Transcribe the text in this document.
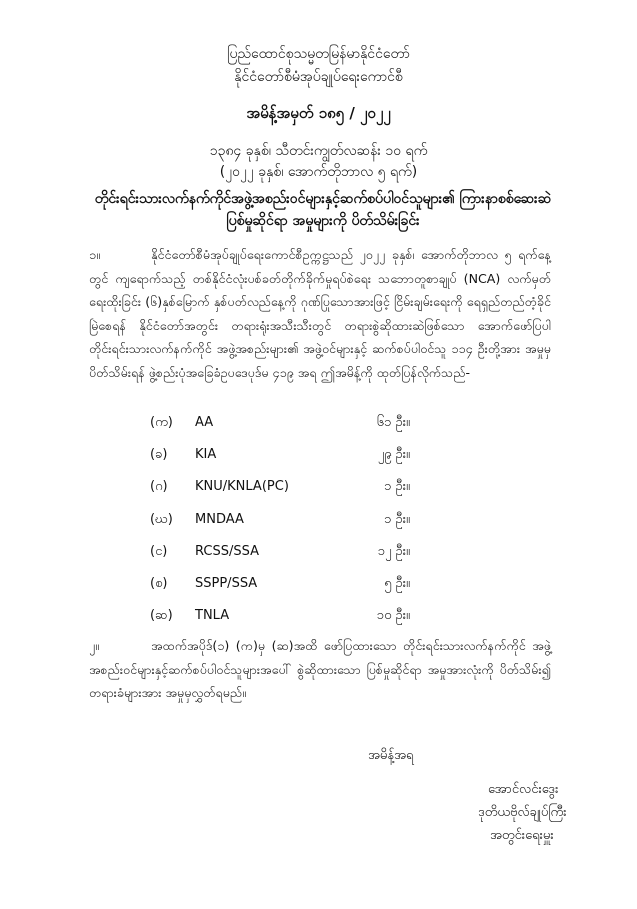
ပြည်ထောင်စုသမ္မတမြန်မာနိုင်ငံတော်
နိုင်ငံတော်စီမံအုပ်ချုပ်ရေးကောင်စီ
အမိန့်အမှတ် ၁၈၅ / ၂၀၂၂
၁၃၈၄ ခုနှစ်၊ သီတင်းကျွတ်လဆန်း ၁၀ ရက်
(၂၀၂၂ ခုနှစ်၊ အောက်တိုဘာလ ၅ ရက်)
တိုင်းရင်းသားလက်နက်ကိုင်အဖွဲ့အစည်းဝင်များနှင့်ဆက်စပ်ပါဝင်သူများ၏ ကြားနာစစ်ဆေးဆဲ ပြစ်မှုဆိုင်ရာ အမှုများကို ပိတ်သိမ်းခြင်း
၁။	နိုင်ငံတော်စီမံအုပ်ချုပ်ရေးကောင်စီဥက္ကဋ္ဌသည် ၂၀၂၂ ခုနှစ်၊ အောက်တိုဘာလ ၅ ရက်နေ့တွင် ကျရောက်သည့် တစ်နိုင်ငံလုံးပစ်ခတ်တိုက်ခိုက်မှုရပ်စဲရေး သဘောတူစာချုပ် (NCA) လက်မှတ်ရေးထိုးခြင်း (၆)နှစ်မြောက် နှစ်ပတ်လည်နေ့ကို ဂုဏ်ပြုသောအားဖြင့် ငြိမ်းချမ်းရေးကို ရေရှည်တည်တံ့ခိုင်မြဲစေရန် နိုင်ငံတော်အတွင်း တရားရုံးအသီးသီးတွင် တရားစွဲဆိုထားဆဲဖြစ်သော အောက်ဖော်ပြပါ တိုင်းရင်းသားလက်နက်ကိုင် အဖွဲ့အစည်းများ၏ အဖွဲ့ဝင်များနှင့် ဆက်စပ်ပါဝင်သူ ၁၁၄ ဦးတို့အား အမှုမှပိတ်သိမ်းရန် ဖွဲ့စည်းပုံအခြေခံဥပဒေပုဒ်မ ၄၁၉ အရ ဤအမိန့်ကို ထုတ်ပြန်လိုက်သည်-
(က)	AA	၆၁ ဦး။
(ခ)	KIA	၂၉ ဦး။
(ဂ)	KNU/KNLA(PC)	၁ ဦး။
(ဃ)	MNDAA	၁ ဦး။
(င)	RCSS/SSA	၁၂ ဦး။
(စ)	SSPP/SSA	၅ ဦး။
(ဆ)	TNLA	၁၀ ဦး။
၂။	အထက်အပိုဒ်(၁) (က)မှ (ဆ)အထိ ဖော်ပြထားသော တိုင်းရင်းသားလက်နက်ကိုင် အဖွဲ့အစည်းဝင်များနှင့်ဆက်စပ်ပါဝင်သူများအပေါ် စွဲဆိုထားသော ပြစ်မှုဆိုင်ရာ အမှုအားလုံးကို ပိတ်သိမ်း၍ တရားခံများအား အမှုမှလွှတ်ရမည်။
အမိန့်အရ
အောင်လင်းဒွေး
ဒုတိယဗိုလ်ချုပ်ကြီး
အတွင်းရေးမှူး
